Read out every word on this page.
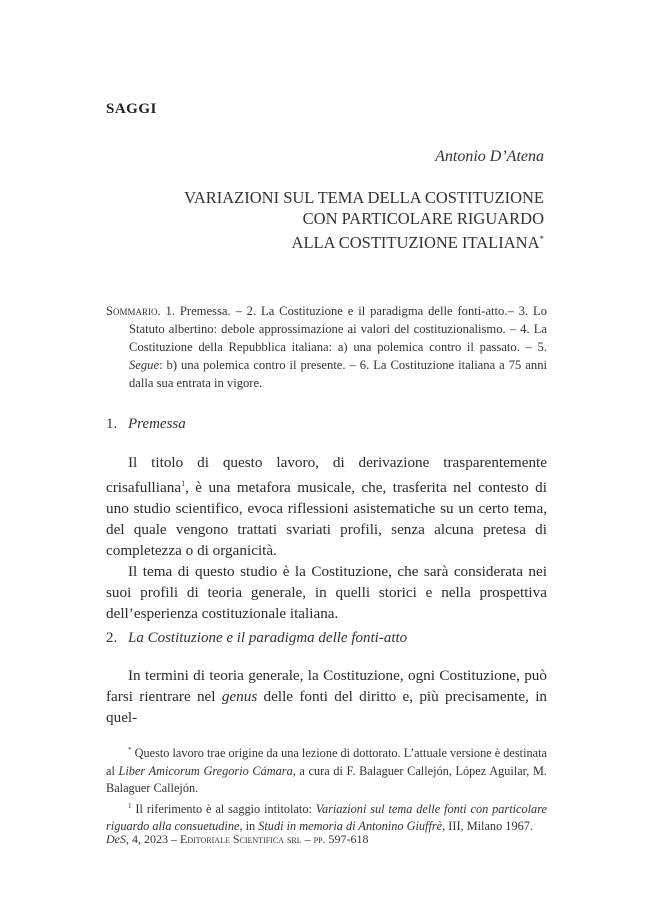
SAGGI
Antonio D’Atena
VARIAZIONI SUL TEMA DELLA COSTITUZIONE
CON PARTICOLARE RIGUARDO
ALLA COSTITUZIONE ITALIANA*

Sommario. 1. Premessa. – 2. La Costituzione e il paradigma delle fonti-atto.– 3. Lo Statuto albertino: debole approssimazione ai valori del costituzionalismo. – 4. La Costituzione della Repubblica italiana: a) una polemica contro il passato. – 5. Segue: b) una polemica contro il presente. – 6. La Costituzione italiana a 75 anni dalla sua entrata in vigore.

1. Premessa

Il titolo di questo lavoro, di derivazione trasparentemente crisafulliana$^1$, è una metafora musicale, che, trasferita nel contesto di uno studio scientifico, evoca riflessioni asistematiche su un certo tema, del quale vengono trattati svariati profili, senza alcuna pretesa di completezza o di organicità.

Il tema di questo studio è la Costituzione, che sarà considerata nei suoi profili di teoria generale, in quelli storici e nella prospettiva dell’esperienza costituzionale italiana.

2. La Costituzione e il paradigma delle fonti-atto

In termini di teoria generale, la Costituzione, ogni Costituzione, può farsi rientrare nel genus delle fonti del diritto e, più precisamente, in quel-

* Questo lavoro trae origine da una lezione di dottorato. L’attuale versione è destinata al Liber Amicorum Gregorio Cámara, a cura di F. Balaguer Callejón, López Aguilar, M. Balaguer Callejón.

$^1$ Il riferimento è al saggio intitolato: Variazioni sul tema delle fonti con particolare riguardo alla consuetudine, in Studi in memoria di Antonino Giuffrè, III, Milano 1967.

DeS, 4, 2023 – Editoriale Scientifica srl – pp. 597-618
